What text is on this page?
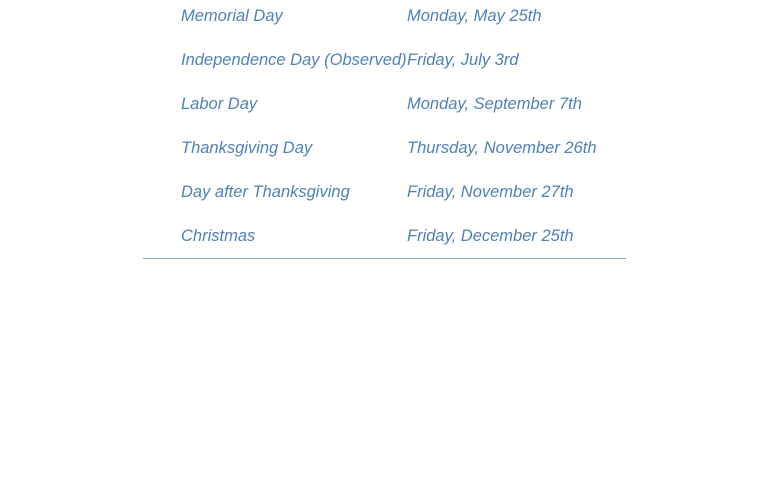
Memorial Day	Monday, May 25th
Independence Day (Observed) Friday, July 3rd
Labor Day	Monday, September 7th
Thanksgiving Day	Thursday, November 26th
Day after Thanksgiving	Friday, November 27th
Christmas	Friday, December 25th
